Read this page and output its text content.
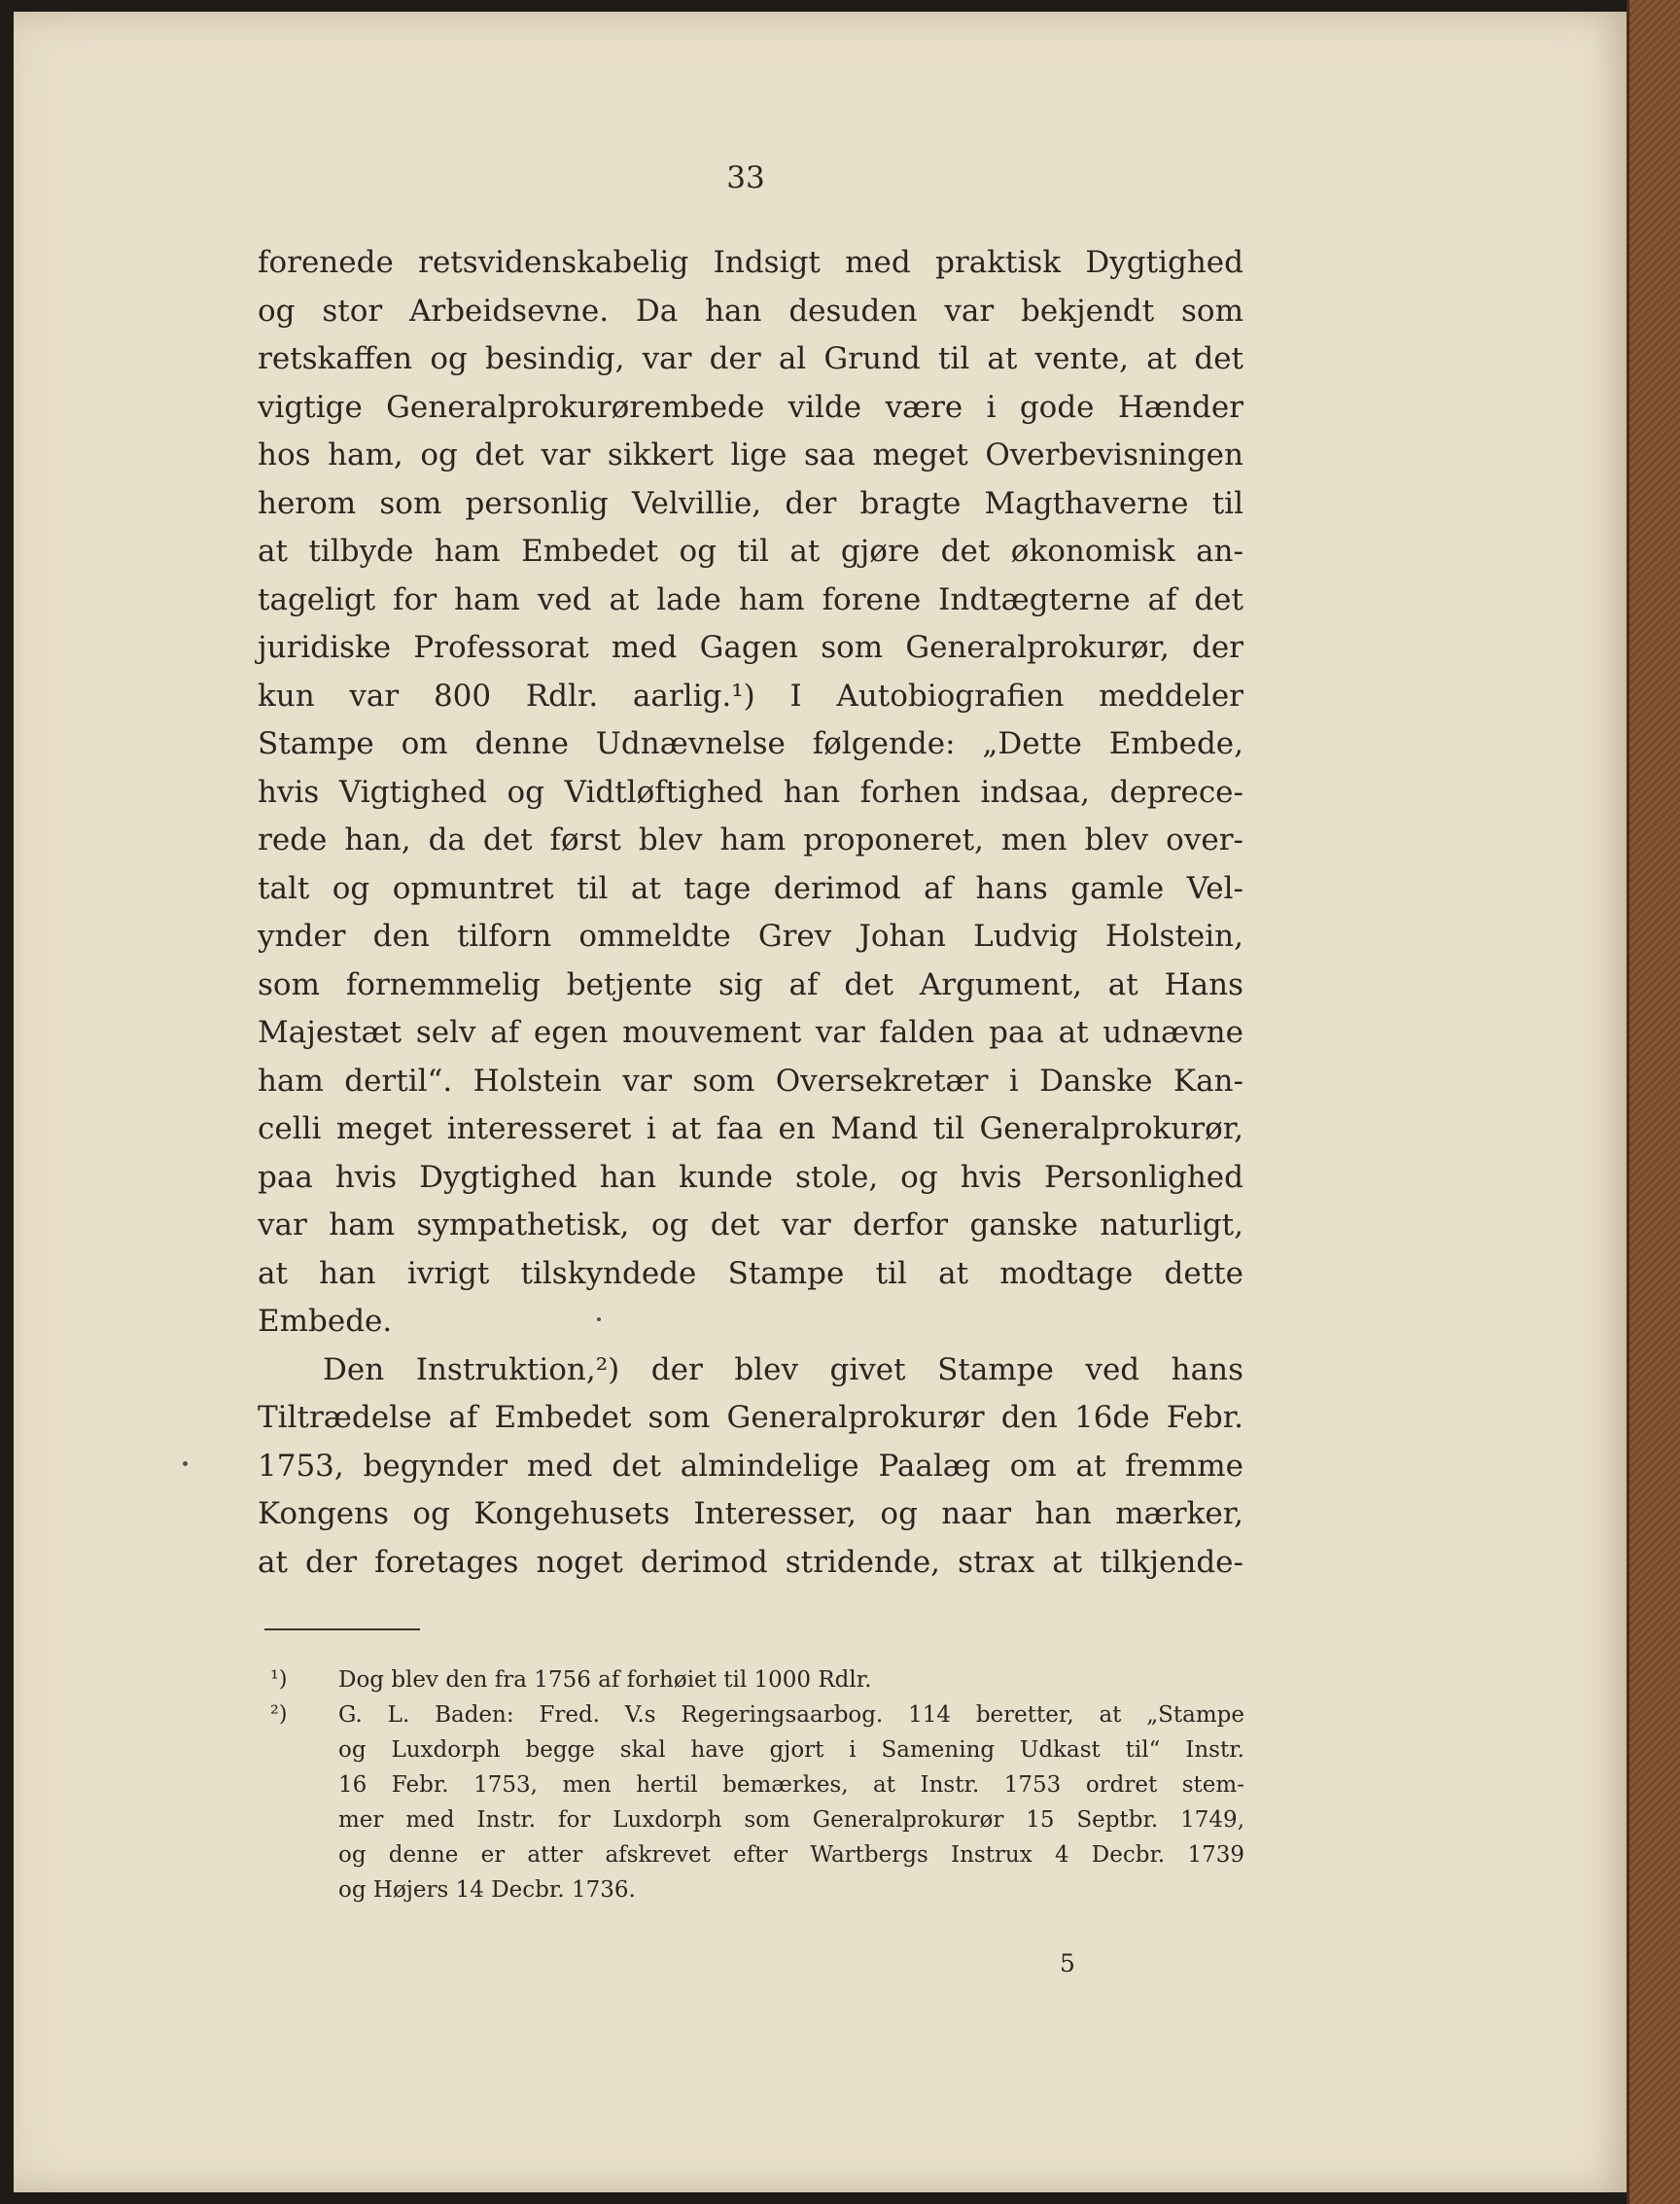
33
forenede retsvidenskabelig Indsigt med praktisk Dygtighed
og stor Arbeidsevne. Da han desuden var bekjendt som
retskaffen og besindig, var der al Grund til at vente, at det
vigtige Generalprokurørembede vilde være i gode Hænder
hos ham, og det var sikkert lige saa meget Overbevisningen
herom som personlig Velvillie, der bragte Magthaverne til
at tilbyde ham Embedet og til at gjøre det økonomisk an-
tageligt for ham ved at lade ham forene Indtægterne af det
juridiske Professorat med Gagen som Generalprokurør, der
kun var 800 Rdlr. aarlig.¹) I Autobiografien meddeler
Stampe om denne Udnævnelse følgende: „Dette Embede,
hvis Vigtighed og Vidtløftighed han forhen indsaa, deprece-
rede han, da det først blev ham proponeret, men blev over-
talt og opmuntret til at tage derimod af hans gamle Vel-
ynder den tilforn ommeldte Grev Johan Ludvig Holstein,
som fornemmelig betjente sig af det Argument, at Hans
Majestæt selv af egen mouvement var falden paa at udnævne
ham dertil“. Holstein var som Oversekretær i Danske Kan-
celli meget interesseret i at faa en Mand til Generalprokurør,
paa hvis Dygtighed han kunde stole, og hvis Personlighed
var ham sympathetisk, og det var derfor ganske naturligt,
at han ivrigt tilskyndede Stampe til at modtage dette
Embede.
Den Instruktion,²) der blev givet Stampe ved hans
Tiltrædelse af Embedet som Generalprokurør den 16de Febr.
1753, begynder med det almindelige Paalæg om at fremme
Kongens og Kongehusets Interesser, og naar han mærker,
at der foretages noget derimod stridende, strax at tilkjende-
¹) Dog blev den fra 1756 af forhøiet til 1000 Rdlr.
²) G. L. Baden: Fred. V.s Regeringsaarbog. 114 beretter, at „Stampe
og Luxdorph begge skal have gjort i Samening Udkast til“ Instr.
16 Febr. 1753, men hertil bemærkes, at Instr. 1753 ordret stem-
mer med Instr. for Luxdorph som Generalprokurør 15 Septbr. 1749,
og denne er atter afskrevet efter Wartbergs Instrux 4 Decbr. 1739
og Højers 14 Decbr. 1736.
5
